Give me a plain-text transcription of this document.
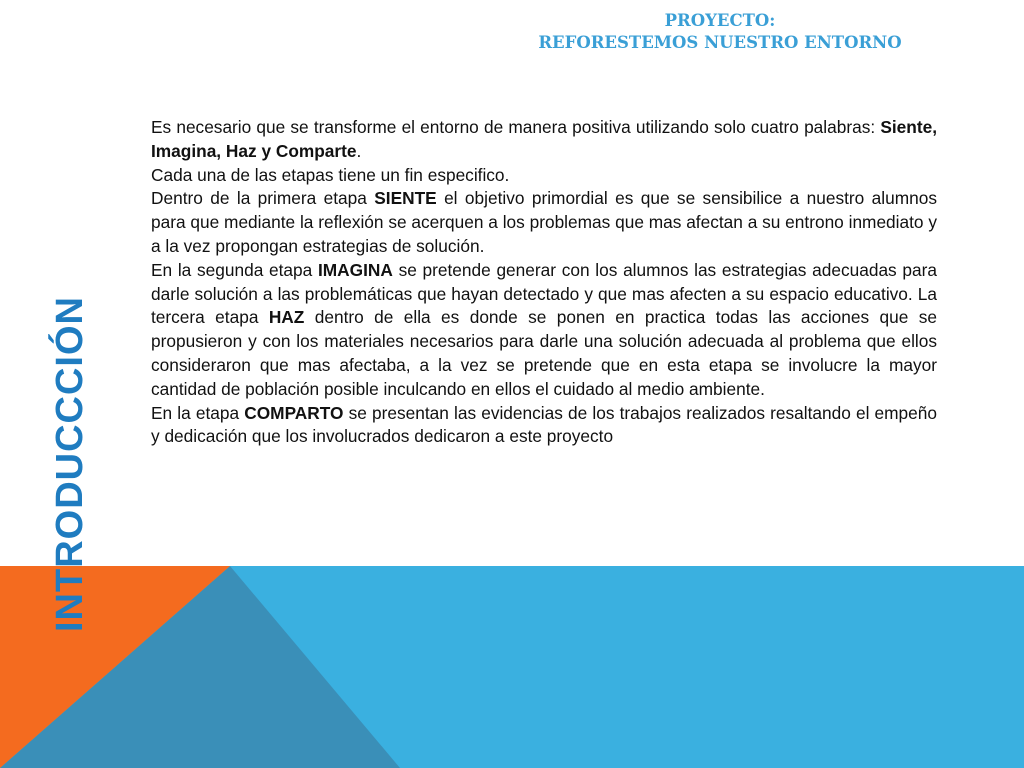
PROYECTO:
REFORESTEMOS NUESTRO ENTORNO
INTRODUCCCIÓN

Es necesario que se transforme el entorno de manera positiva utilizando solo cuatro palabras: Siente, Imagina, Haz y Comparte.

Cada una de las etapas tiene un fin especifico.

Dentro de la primera etapa SIENTE el objetivo primordial es que se sensibilice a nuestro alumnos para que mediante la reflexión se acerquen a los problemas que mas afectan a su entrono inmediato y a la vez propongan estrategias de solución.

En la segunda etapa IMAGINA se pretende generar con los alumnos las estrategias adecuadas para darle solución a las problemáticas que hayan detectado y que mas afecten a su espacio educativo. La tercera etapa HAZ dentro de ella es donde se ponen en practica todas las acciones que se propusieron y con los materiales necesarios para darle una solución adecuada al problema que ellos consideraron que mas afectaba, a la vez se pretende que en esta etapa se involucre la mayor cantidad de población posible inculcando en ellos el cuidado al medio ambiente.

En la etapa COMPARTO se presentan las evidencias de los trabajos realizados resaltando el empeño y dedicación que los involucrados dedicaron a este proyecto
